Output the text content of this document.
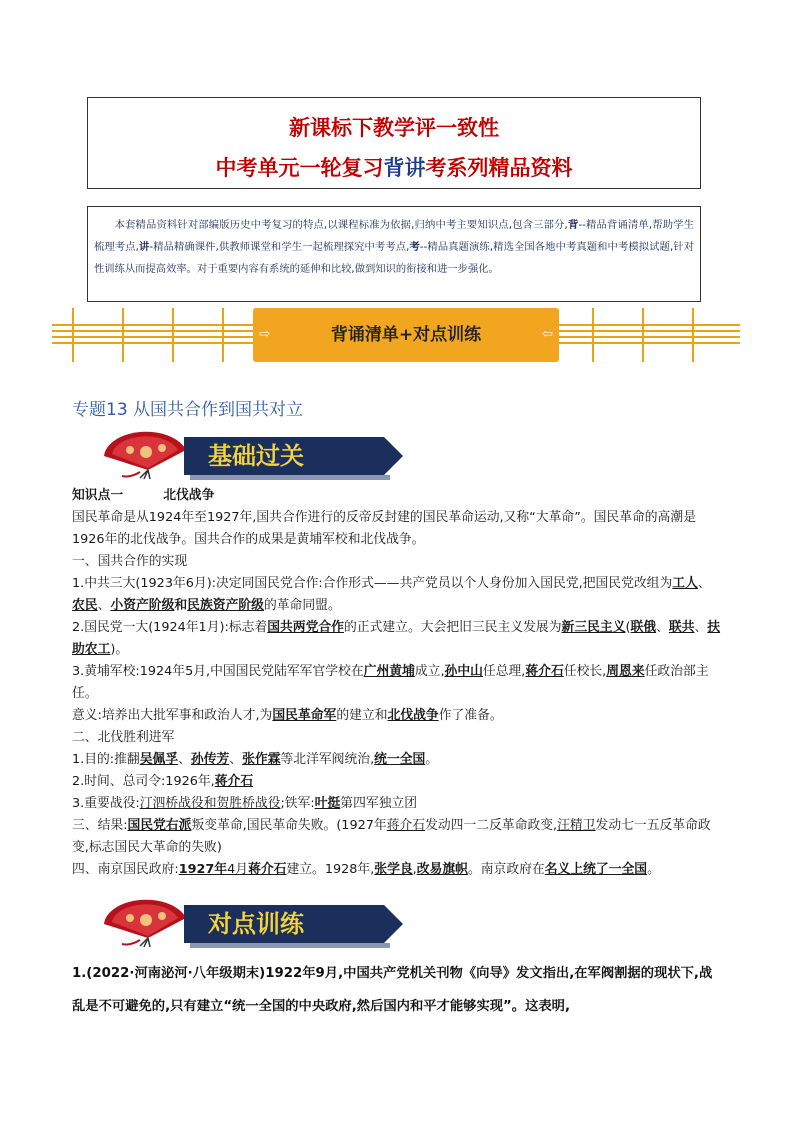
新课标下教学评一致性
中考单元一轮复习背讲考系列精品资料
本套精品资料针对部编版历史中考复习的特点,以课程标准为依据,归纳中考主要知识点,包含三部分,背--精品背诵清单,帮助学生梳理考点,讲-精品精确课件,供教师课堂和学生一起梳理探究中考考点,考--精品真题演练,精选全国各地中考真题和中考模拟试题,针对性训练从而提高效率。对于重要内容有系统的延伸和比较,做到知识的衔接和进一步强化。
⇨	背诵清单+对点训练	⇦
专题13 从国共合作到国共对立
基础过关

知识点一	北伐战争

国民革命是从1924年至1927年,国共合作进行的反帝反封建的国民革命运动,又称“大革命”。国民革命的高潮是1926年的北伐战争。国共合作的成果是黄埔军校和北伐战争。

一、国共合作的实现

1.中共三大(1923年6月):决定同国民党合作:合作形式——共产党员以个人身份加入国民党,把国民党改组为工人、农民、小资产阶级和民族资产阶级的革命同盟。

2.国民党一大(1924年1月):标志着国共两党合作的正式建立。大会把旧三民主义发展为新三民主义(联俄、联共、扶助农工)。

3.黄埔军校:1924年5月,中国国民党陆军军官学校在广州黄埔成立,孙中山任总理,蒋介石任校长,周恩来任政治部主任。

意义:培养出大批军事和政治人才,为国民革命军的建立和北伐战争作了准备。

二、北伐胜利进军

1.目的:推翻吴佩孚、孙传芳、张作霖等北洋军阀统治,统一全国。

2.时间、总司令:1926年,蒋介石

3.重要战役:汀泗桥战役和贺胜桥战役;铁军:叶挺第四军独立团

三、结果:国民党右派叛变革命,国民革命失败。(1927年蒋介石发动四一二反革命政变,汪精卫发动七一五反革命政变,标志国民大革命的失败)

四、南京国民政府:1927年4月蒋介石建立。1928年,张学良,改易旗帜。南京政府在名义上统了一全国。

对点训练
1.(2022·河南泌河·八年级期末)1922年9月,中国共产党机关刊物《向导》发文指出,在军阀割据的现状下,战乱是不可避免的,只有建立“统一全国的中央政府,然后国内和平才能够实现”。这表明,
